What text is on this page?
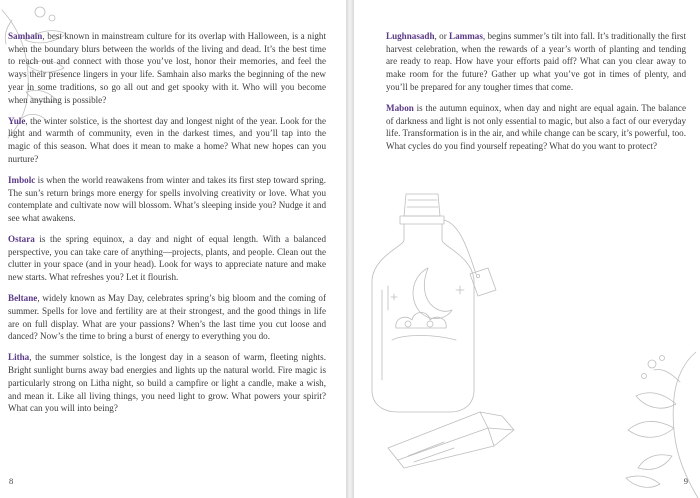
Samhain, best known in mainstream culture for its overlap with Halloween, is a night when the boundary blurs between the worlds of the living and dead. It’s the best time to reach out and connect with those you’ve lost, honor their memories, and feel the ways their presence lingers in your life. Samhain also marks the beginning of the new year in some traditions, so go all out and get spooky with it. Who will you become when anything is possible?

Yule, the winter solstice, is the shortest day and longest night of the year. Look for the light and warmth of community, even in the darkest times, and you’ll tap into the magic of this season. What does it mean to make a home? What new hopes can you nurture?

Imbolc is when the world reawakens from winter and takes its first step toward spring. The sun’s return brings more energy for spells involving creativity or love. What you contemplate and cultivate now will blossom. What’s sleeping inside you? Nudge it and see what awakens.

Ostara is the spring equinox, a day and night of equal length. With a balanced perspective, you can take care of anything—projects, plants, and people. Clean out the clutter in your space (and in your head). Look for ways to appreciate nature and make new starts. What refreshes you? Let it flourish.

Beltane, widely known as May Day, celebrates spring’s big bloom and the coming of summer. Spells for love and fertility are at their strongest, and the good things in life are on full display. What are your passions? When’s the last time you cut loose and danced? Now’s the time to bring a burst of energy to everything you do.

Litha, the summer solstice, is the longest day in a season of warm, fleeting nights. Bright sunlight burns away bad energies and lights up the natural world. Fire magic is particularly strong on Litha night, so build a campfire or light a candle, make a wish, and mean it. Like all living things, you need light to grow. What powers your spirit? What can you will into being?

8

Lughnasadh, or Lammas, begins summer’s tilt into fall. It’s traditionally the first harvest celebration, when the rewards of a year’s worth of planting and tending are ready to reap. How have your efforts paid off? What can you clear away to make room for the future? Gather up what you’ve got in times of plenty, and you’ll be prepared for any tougher times that come.

Mabon is the autumn equinox, when day and night are equal again. The balance of darkness and light is not only essential to magic, but also a fact of our everyday life. Transformation is in the air, and while change can be scary, it’s powerful, too. What cycles do you find yourself repeating? What do you want to protect?

9
